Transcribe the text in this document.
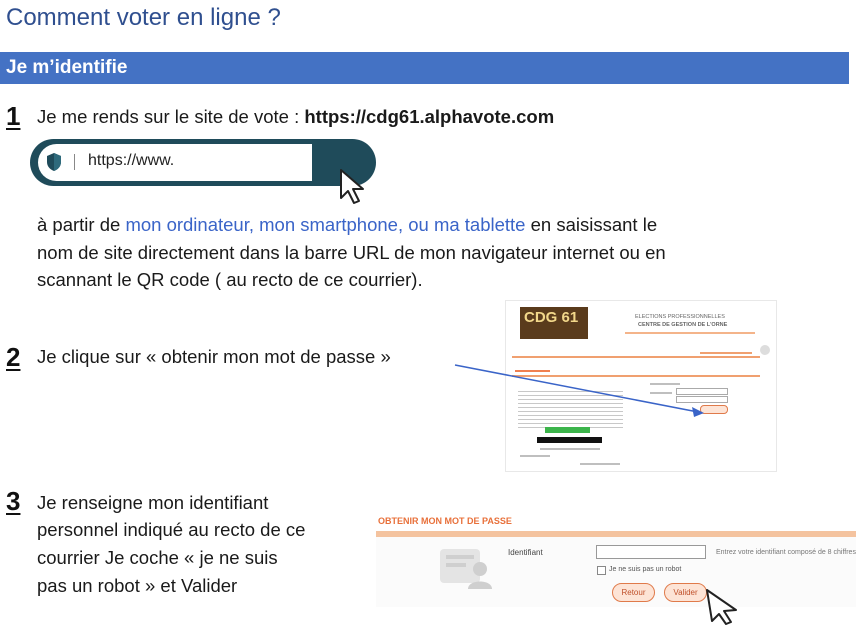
Comment voter en ligne ?
Je m’identifie
1 Je me rends sur le site de vote : https://cdg61.alphavote.com
https://www.
à partir de mon ordinateur, mon smartphone, ou ma tablette en saisissant le
nom de site directement dans la barre URL de mon navigateur internet ou en
scannant le QR code ( au recto de ce courrier).
2 Je clique sur « obtenir mon mot de passe »
CDG 61	ELECTIONS PROFESSIONNELLES
CENTRE DE GESTION DE L'ORNE
3 Je renseigne mon identifiant
personnel indiqué au recto de ce
courrier Je coche « je ne suis
pas un robot » et Valider
OBTENIR MON MOT DE PASSE
Identifiant	Entrez votre identifiant composé de 8 chiffres
Je ne suis pas un robot
Retour	Valider
